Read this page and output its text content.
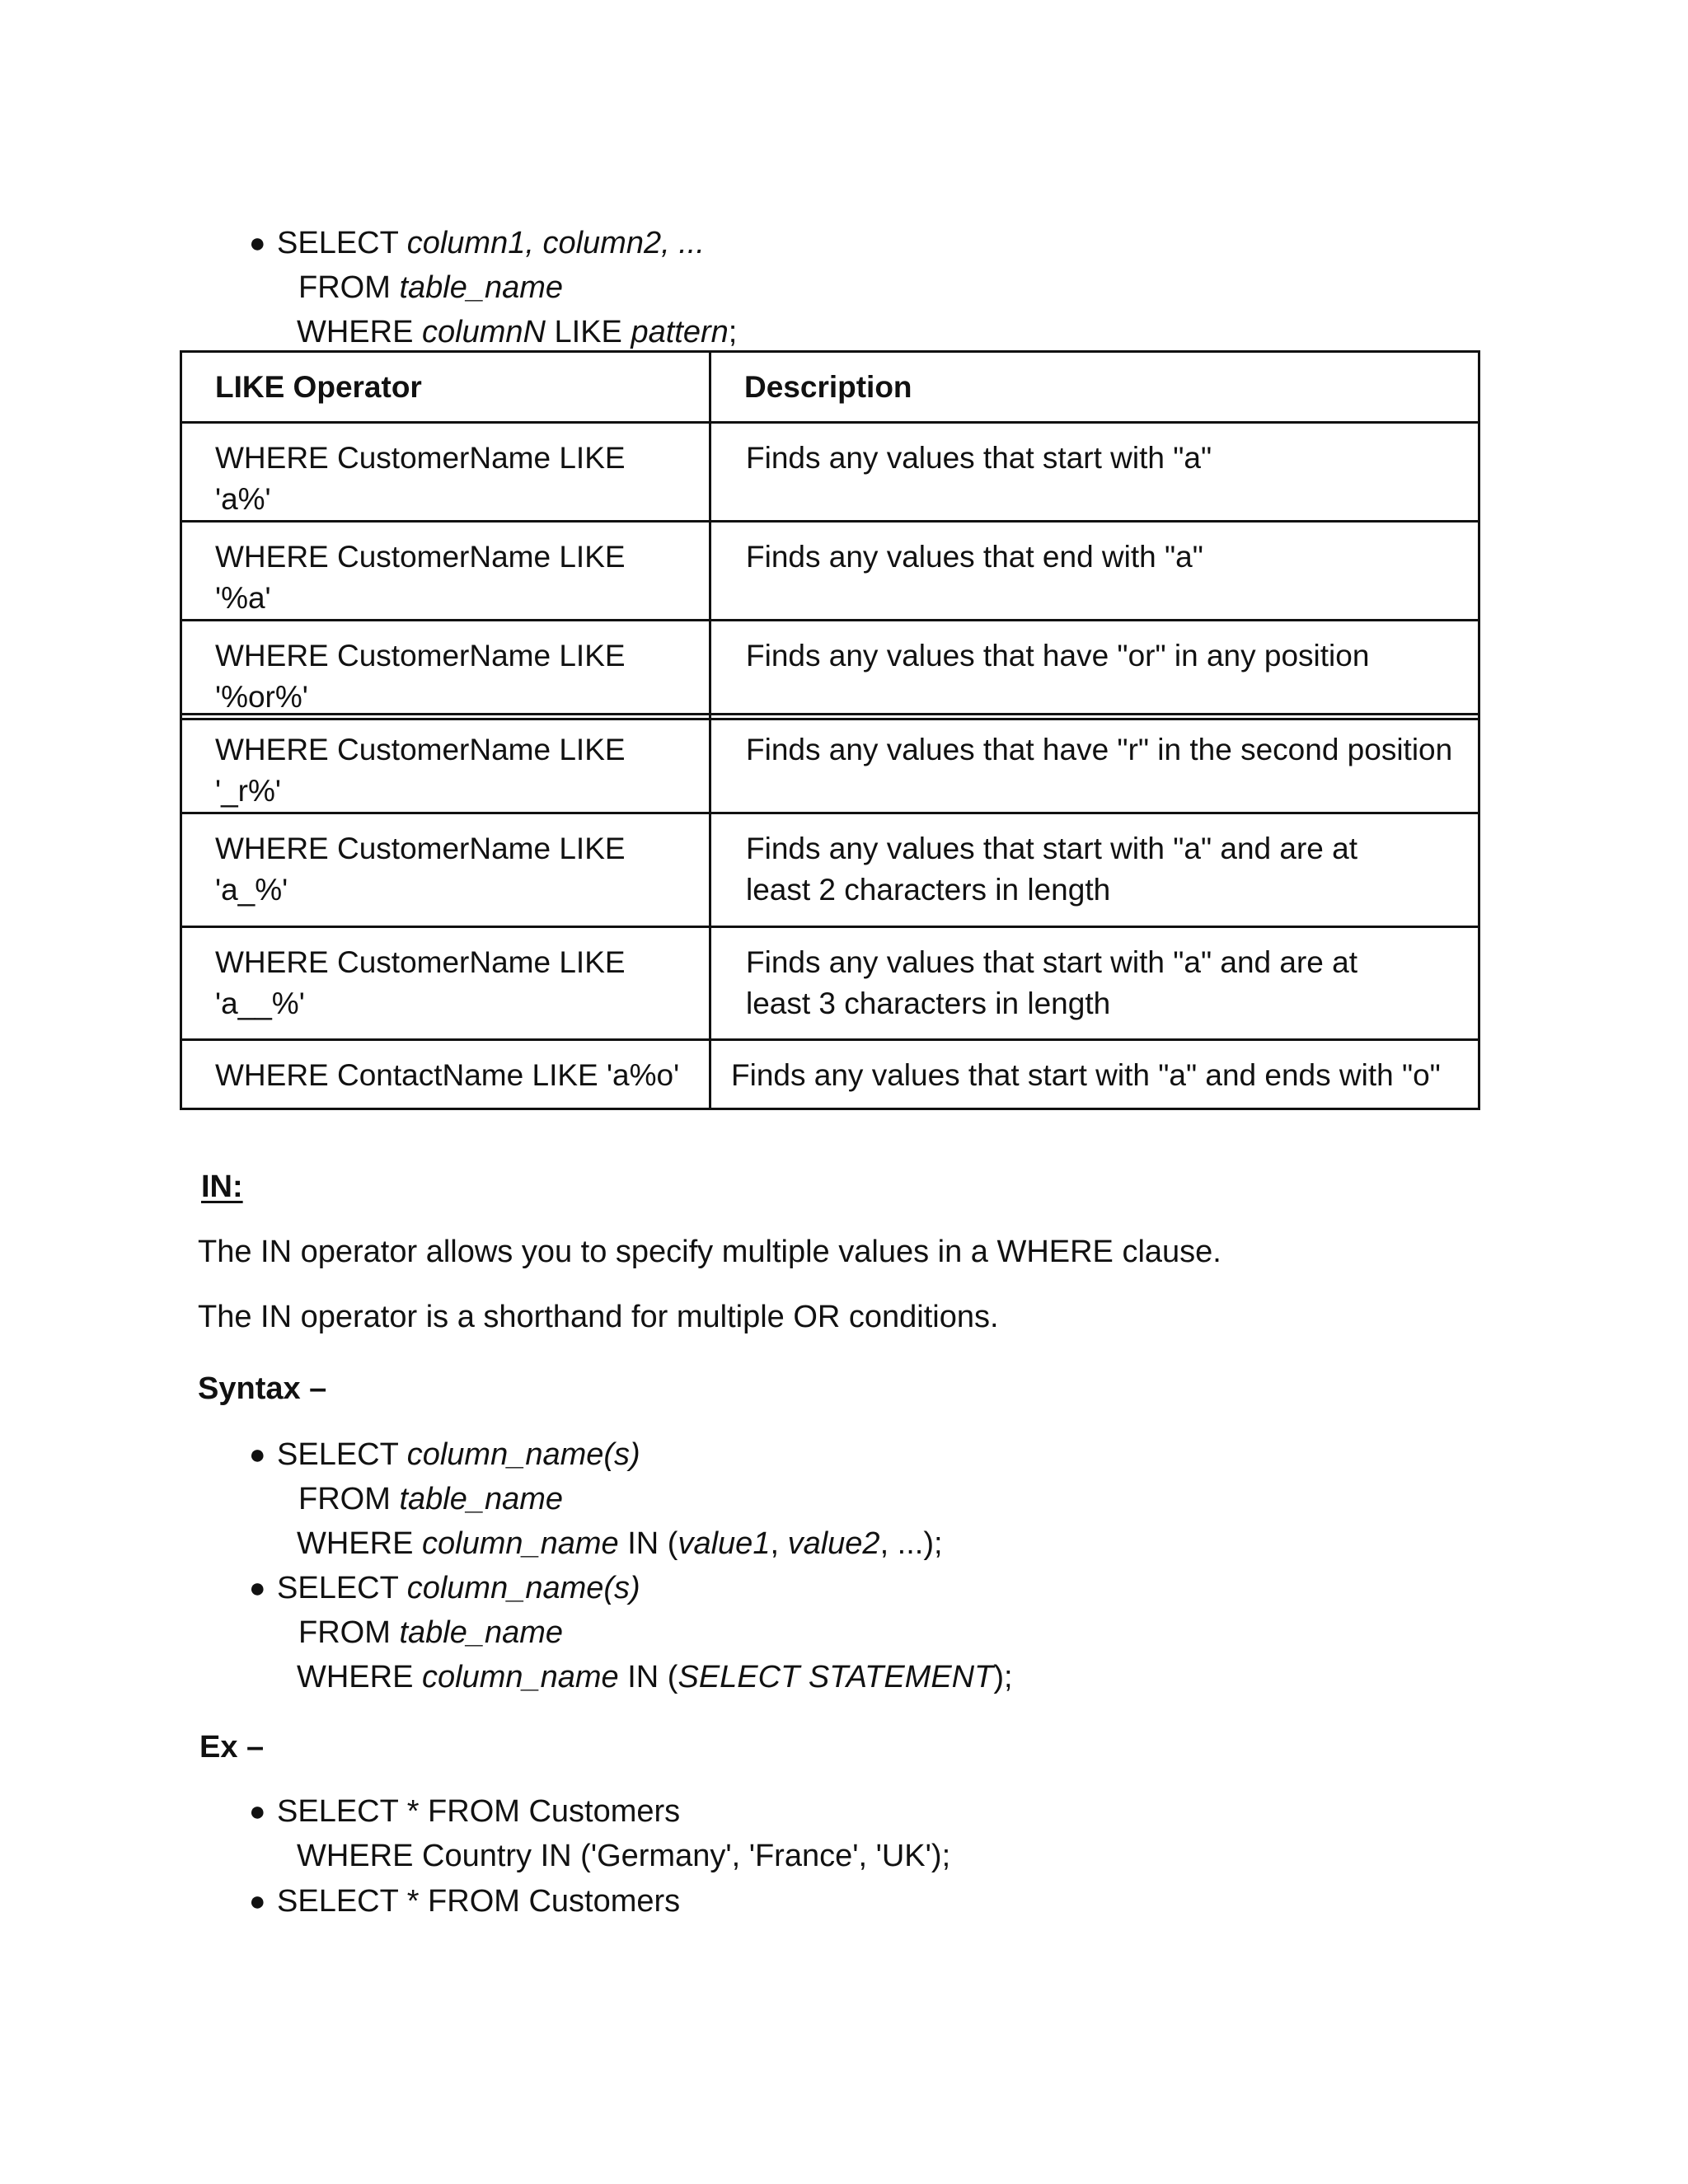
● SELECT column1, column2, ...
FROM table_name
WHERE columnN LIKE pattern;
LIKE Operator	Description

WHERE CustomerName LIKE 'a%'	Finds any values that start with "a"

WHERE CustomerName LIKE '%a'	Finds any values that end with "a"

WHERE CustomerName LIKE '%or%'	Finds any values that have "or" in any position
WHERE CustomerName LIKE '_r%'	Finds any values that have "r" in the second position

WHERE CustomerName LIKE 'a_%'	Finds any values that start with "a" and are at least 2 characters in length

WHERE CustomerName LIKE 'a__%'	Finds any values that start with "a" and are at least 3 characters in length

WHERE ContactName LIKE 'a%o'	Finds any values that start with "a" and ends with "o"
IN:
The IN operator allows you to specify multiple values in a WHERE clause.
The IN operator is a shorthand for multiple OR conditions.
Syntax –
● SELECT column_name(s)
FROM table_name
WHERE column_name IN (value1, value2, ...);
● SELECT column_name(s)
FROM table_name
WHERE column_name IN (SELECT STATEMENT);
Ex –
● SELECT * FROM Customers
WHERE Country IN ('Germany', 'France', 'UK');
● SELECT * FROM Customers
